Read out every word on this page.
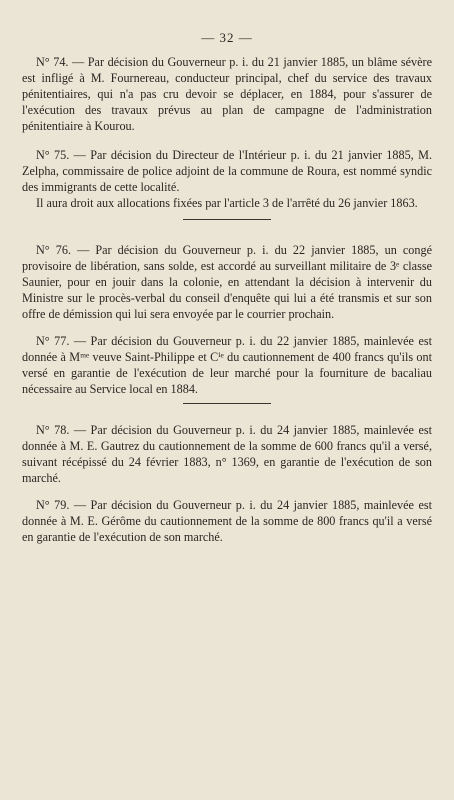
— 32 —

N° 74. — Par décision du Gouverneur p. i. du 21 janvier 1885, un blâme sévère est infligé à M. Fournereau, conducteur principal, chef du service des travaux pénitentiaires, qui n'a pas cru devoir se déplacer, en 1884, pour s'assurer de l'exécution des travaux prévus au plan de campagne de l'administration pénitentiaire à Kourou.

N° 75. — Par décision du Directeur de l'Intérieur p. i. du 21 janvier 1885, M. Zelpha, commissaire de police adjoint de la commune de Roura, est nommé syndic des immigrants de cette localité.

Il aura droit aux allocations fixées par l'article 3 de l'arrêté du 26 janvier 1863.

N° 76. — Par décision du Gouverneur p. i. du 22 janvier 1885, un congé provisoire de libération, sans solde, est accordé au surveillant militaire de 3ᵉ classe Saunier, pour en jouir dans la colonie, en attendant la décision à intervenir du Ministre sur le procès-verbal du conseil d'enquête qui lui a été transmis et sur son offre de démission qui lui sera envoyée par le courrier prochain.

N° 77. — Par décision du Gouverneur p. i. du 22 janvier 1885, mainlevée est donnée à Mᵐᵉ veuve Saint-Philippe et Cⁱᵉ du cautionnement de 400 francs qu'ils ont versé en garantie de l'exécution de leur marché pour la fourniture de bacaliau nécessaire au Service local en 1884.

N° 78. — Par décision du Gouverneur p. i. du 24 janvier 1885, mainlevée est donnée à M. E. Gautrez du cautionnement de la somme de 600 francs qu'il a versé, suivant récépissé du 24 février 1883, n° 1369, en garantie de l'exécution de son marché.

N° 79. — Par décision du Gouverneur p. i. du 24 janvier 1885, mainlevée est donnée à M. E. Gérôme du cautionnement de la somme de 800 francs qu'il a versé en garantie de l'exécution de son marché.
